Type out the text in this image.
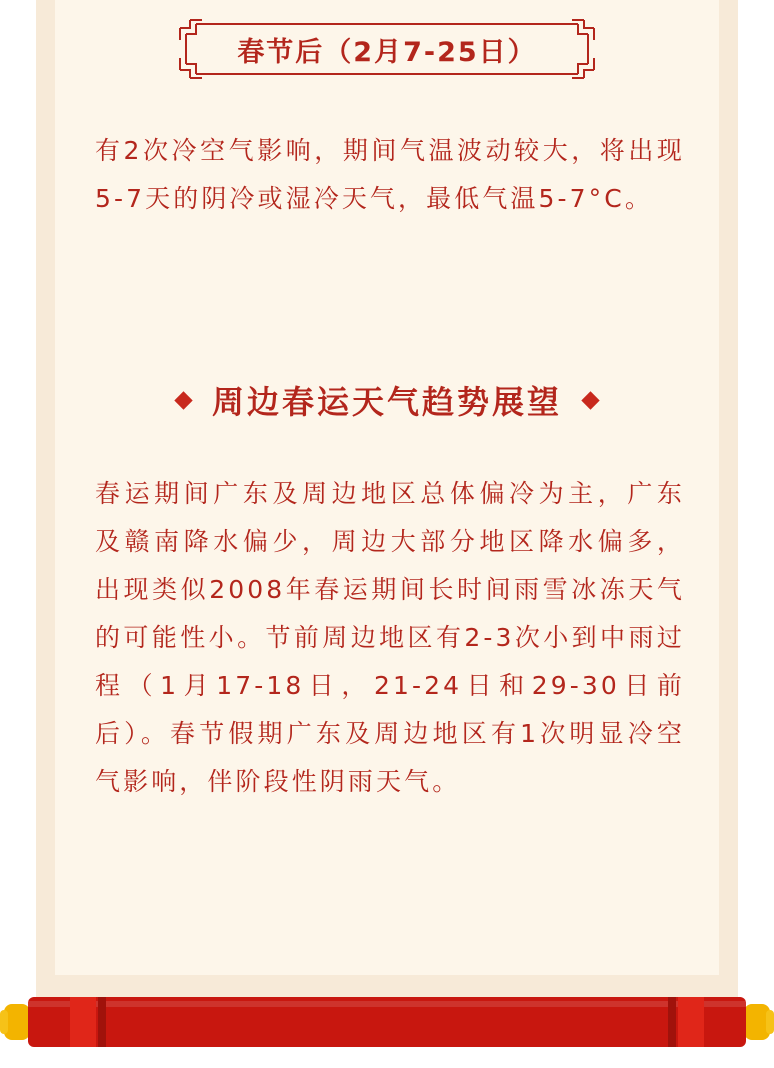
春节后（2月7-25日）

有2次冷空气影响，期间气温波动较大，将出现5-7天的阴冷或湿冷天气，最低气温5-7°C。

周边春运天气趋势展望

春运期间广东及周边地区总体偏冷为主，广东及赣南降水偏少，周边大部分地区降水偏多，出现类似2008年春运期间长时间雨雪冰冻天气的可能性小。节前周边地区有2-3次小到中雨过程（1月17-18日，21-24日和29-30日前后）。春节假期广东及周边地区有1次明显冷空气影响，伴阶段性阴雨天气。
